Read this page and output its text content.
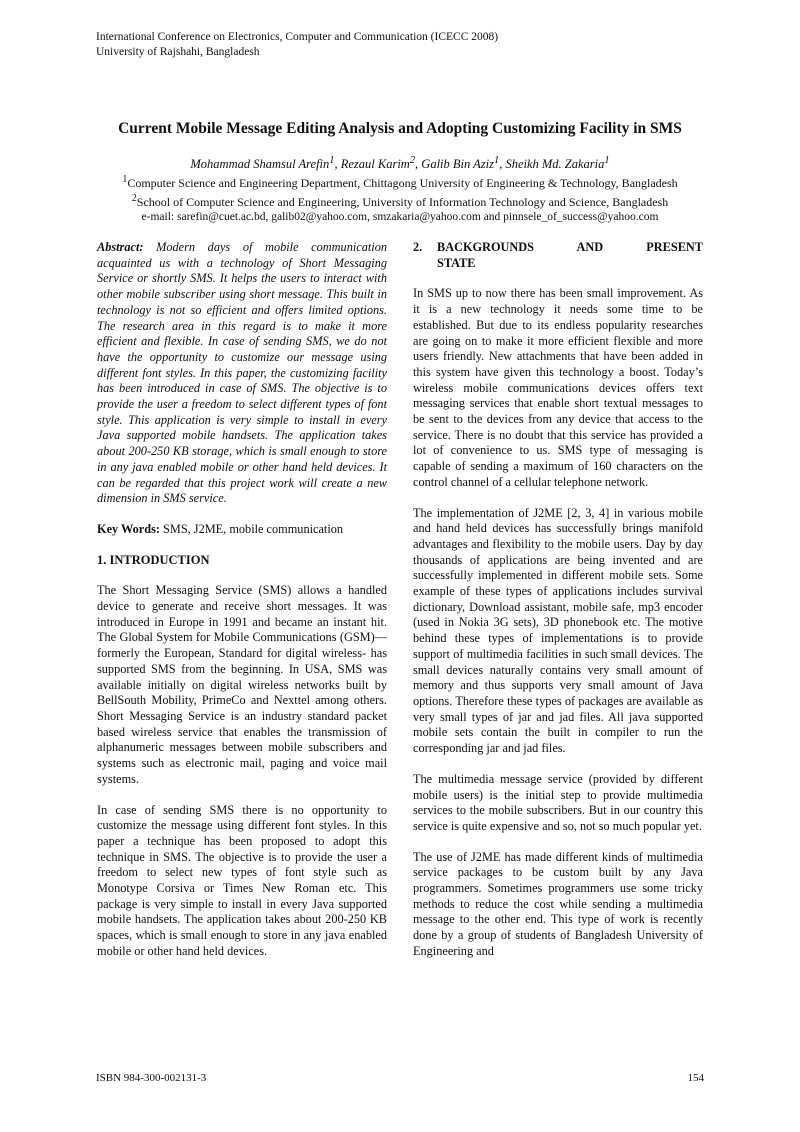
International Conference on Electronics, Computer and Communication (ICECC 2008)
University of Rajshahi, Bangladesh
Current Mobile Message Editing Analysis and Adopting Customizing Facility in SMS
Mohammad Shamsul Arefin$^1$, Rezaul Karim$^2$, Galib Bin Aziz$^1$, Sheikh Md. Zakaria$^1$
$^1$Computer Science and Engineering Department, Chittagong University of Engineering & Technology, Bangladesh
$^2$School of Computer Science and Engineering, University of Information Technology and Science, Bangladesh
e-mail: sarefin@cuet.ac.bd, galib02@yahoo.com, smzakaria@yahoo.com and pinnsele_of_success@yahoo.com

Abstract: Modern days of mobile communication acquainted us with a technology of Short Messaging Service or shortly SMS. It helps the users to interact with other mobile subscriber using short message. This built in technology is not so efficient and offers limited options. The research area in this regard is to make it more efficient and flexible. In case of sending SMS, we do not have the opportunity to customize our message using different font styles. In this paper, the customizing facility has been introduced in case of SMS. The objective is to provide the user a freedom to select different types of font style. This application is very simple to install in every Java supported mobile handsets. The application takes about 200-250 KB storage, which is small enough to store in any java enabled mobile or other hand held devices. It can be regarded that this project work will create a new dimension in SMS service.

Key Words: SMS, J2ME, mobile communication

1. INTRODUCTION

The Short Messaging Service (SMS) allows a handled device to generate and receive short messages. It was introduced in Europe in 1991 and became an instant hit. The Global System for Mobile Communications (GSM)—formerly the European, Standard for digital wireless- has supported SMS from the beginning. In USA, SMS was available initially on digital wireless networks built by BellSouth Mobility, PrimeCo and Nexttel among others. Short Messaging Service is an industry standard packet based wireless service that enables the transmission of alphanumeric messages between mobile subscribers and systems such as electronic mail, paging and voice mail systems.

In case of sending SMS there is no opportunity to customize the message using different font styles. In this paper a technique has been proposed to adopt this technique in SMS. The objective is to provide the user a freedom to select new types of font style such as Monotype Corsiva or Times New Roman etc. This package is very simple to install in every Java supported mobile handsets. The application takes about 200-250 KB spaces, which is small enough to store in any java enabled mobile or other hand held devices.

2.	BACKGROUNDS AND PRESENT
STATE

In SMS up to now there has been small improvement. As it is a new technology it needs some time to be established. But due to its endless popularity researches are going on to make it more efficient flexible and more users friendly. New attachments that have been added in this system have given this technology a boost. Today’s wireless mobile communications devices offers text messaging services that enable short textual messages to be sent to the devices from any device that access to the service. There is no doubt that this service has provided a lot of convenience to us. SMS type of messaging is capable of sending a maximum of 160 characters on the control channel of a cellular telephone network.

The implementation of J2ME [2, 3, 4] in various mobile and hand held devices has successfully brings manifold advantages and flexibility to the mobile users. Day by day thousands of applications are being invented and are successfully implemented in different mobile sets. Some example of these types of applications includes survival dictionary, Download assistant, mobile safe, mp3 encoder (used in Nokia 3G sets), 3D phonebook etc. The motive behind these types of implementations is to provide support of multimedia facilities in such small devices. The small devices naturally contains very small amount of memory and thus supports very small amount of Java options. Therefore these types of packages are available as very small types of jar and jad files. All java supported mobile sets contain the built in compiler to run the corresponding jar and jad files.

The multimedia message service (provided by different mobile users) is the initial step to provide multimedia services to the mobile subscribers. But in our country this service is quite expensive and so, not so much popular yet.

The use of J2ME has made different kinds of multimedia service packages to be custom built by any Java programmers. Sometimes programmers use some tricky methods to reduce the cost while sending a multimedia message to the other end. This type of work is recently done by a group of students of Bangladesh University of Engineering and

ISBN 984-300-002131-3	154
